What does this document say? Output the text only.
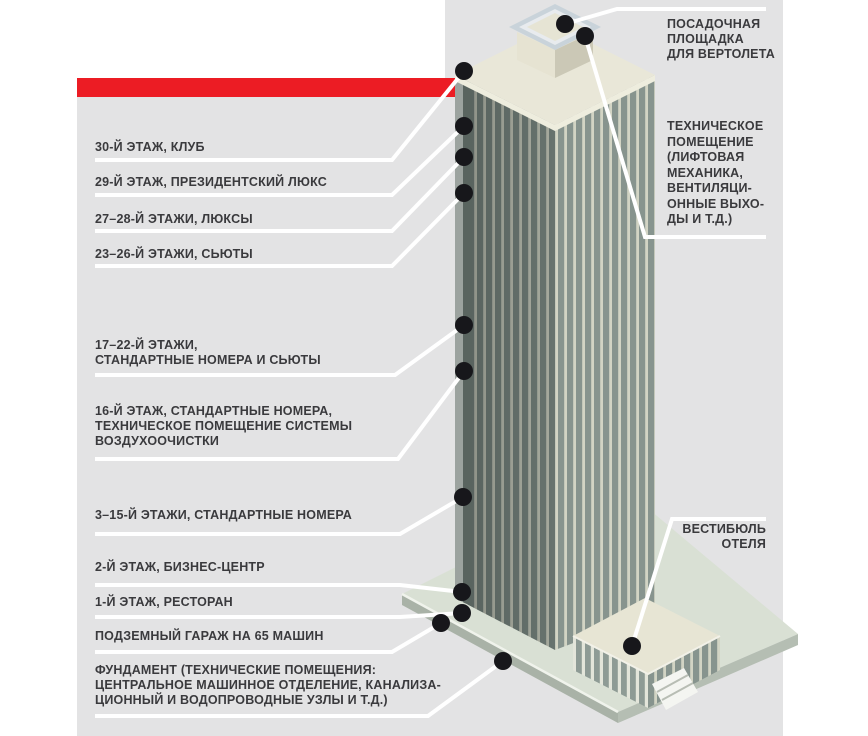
30-Й ЭТАЖ, КЛУБ
29-Й ЭТАЖ, ПРЕЗИДЕНТСКИЙ ЛЮКС
27–28-Й ЭТАЖИ, ЛЮКСЫ
23–26-Й ЭТАЖИ, СЬЮТЫ
17–22-Й ЭТАЖИ,
СТАНДАРТНЫЕ НОМЕРА И СЬЮТЫ
16-Й ЭТАЖ, СТАНДАРТНЫЕ НОМЕРА,
ТЕХНИЧЕСКОЕ ПОМЕЩЕНИЕ СИСТЕМЫ
ВОЗДУХООЧИСТКИ
3–15-Й ЭТАЖИ, СТАНДАРТНЫЕ НОМЕРА
2-Й ЭТАЖ, БИЗНЕС-ЦЕНТР
1-Й ЭТАЖ, РЕСТОРАН
ПОДЗЕМНЫЙ ГАРАЖ НА 65 МАШИН
ФУНДАМЕНТ (ТЕХНИЧЕСКИЕ ПОМЕЩЕНИЯ:
ЦЕНТРАЛЬНОЕ МАШИННОЕ ОТДЕЛЕНИЕ, КАНАЛИЗА-
ЦИОННЫЙ И ВОДОПРОВОДНЫЕ УЗЛЫ И Т.Д.)
ПОСАДОЧНАЯ
ПЛОЩАДКА
ДЛЯ ВЕРТОЛЕТА
ТЕХНИЧЕСКОЕ
ПОМЕЩЕНИЕ
(ЛИФТОВАЯ
МЕХАНИКА,
ВЕНТИЛЯЦИ-
ОННЫЕ ВЫХО-
ДЫ И Т.Д.)
ВЕСТИБЮЛЬ
ОТЕЛЯ
